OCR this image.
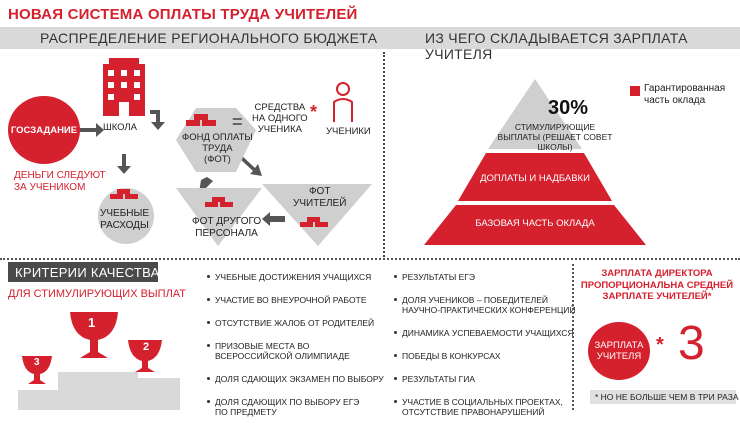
НОВАЯ СИСТЕМА ОПЛАТЫ ТРУДА УЧИТЕЛЕЙ
РАСПРЕДЕЛЕНИЕ РЕГИОНАЛЬНОГО БЮДЖЕТА	ИЗ ЧЕГО СКЛАДЫВАЕТСЯ ЗАРПЛАТА УЧИТЕЛЯ
ГОСЗАДАНИЕ
ДЕНЬГИ СЛЕДУЮТ
ЗА УЧЕНИКОМ
ШКОЛА
ФОНД ОПЛАТЫ
ТРУДА
(ФОТ)
=
СРЕДСТВА
НА ОДНОГО
УЧЕНИКА
*
УЧЕНИКИ
УЧЕБНЫЕ
РАСХОДЫ	ФОТ ДРУГОГО
ПЕРСОНАЛА
ФОТ
УЧИТЕЛЕЙ
30%
СТИМУЛИРУЮЩИЕ
ВЫПЛАТЫ (РЕШАЕТ СОВЕТ
ШКОЛЫ)
ДОПЛАТЫ И НАДБАВКИ
БАЗОВАЯ ЧАСТЬ ОКЛАДА
Гарантированная
часть оклада
КРИТЕРИИ КАЧЕСТВА
ДЛЯ СТИМУЛИРУЮЩИХ ВЫПЛАТ
1
2
3
УЧЕБНЫЕ ДОСТИЖЕНИЯ УЧАЩИХСЯ
УЧАСТИЕ ВО ВНЕУРОЧНОЙ РАБОТЕ
ОТСУТСТВИЕ ЖАЛОБ ОТ РОДИТЕЛЕЙ
ПРИЗОВЫЕ МЕСТА ВО
ВСЕРОССИЙСКОЙ ОЛИМПИАДЕ
ДОЛЯ СДАЮЩИХ ЭКЗАМЕН ПО ВЫБОРУ
ДОЛЯ СДАЮЩИХ ПО ВЫБОРУ ЕГЭ
ПО ПРЕДМЕТУ
РЕЗУЛЬТАТЫ ЕГЭ
ДОЛЯ УЧЕНИКОВ – ПОБЕДИТЕЛЕЙ
НАУЧНО-ПРАКТИЧЕСКИХ КОНФЕРЕНЦИЙ
ДИНАМИКА УСПЕВАЕМОСТИ УЧАЩИХСЯ
ПОБЕДЫ В КОНКУРСАХ
РЕЗУЛЬТАТЫ ГИА
УЧАСТИЕ В СОЦИАЛЬНЫХ ПРОЕКТАХ,
ОТСУТСТВИЕ ПРАВОНАРУШЕНИЙ
ЗАРПЛАТА ДИРЕКТОРА
ПРОПОРЦИОНАЛЬНА СРЕДНЕЙ
ЗАРПЛАТЕ УЧИТЕЛЕЙ*
ЗАРПЛАТА
УЧИТЕЛЯ
* 3
* НО НЕ БОЛЬШЕ ЧЕМ В ТРИ РАЗА
